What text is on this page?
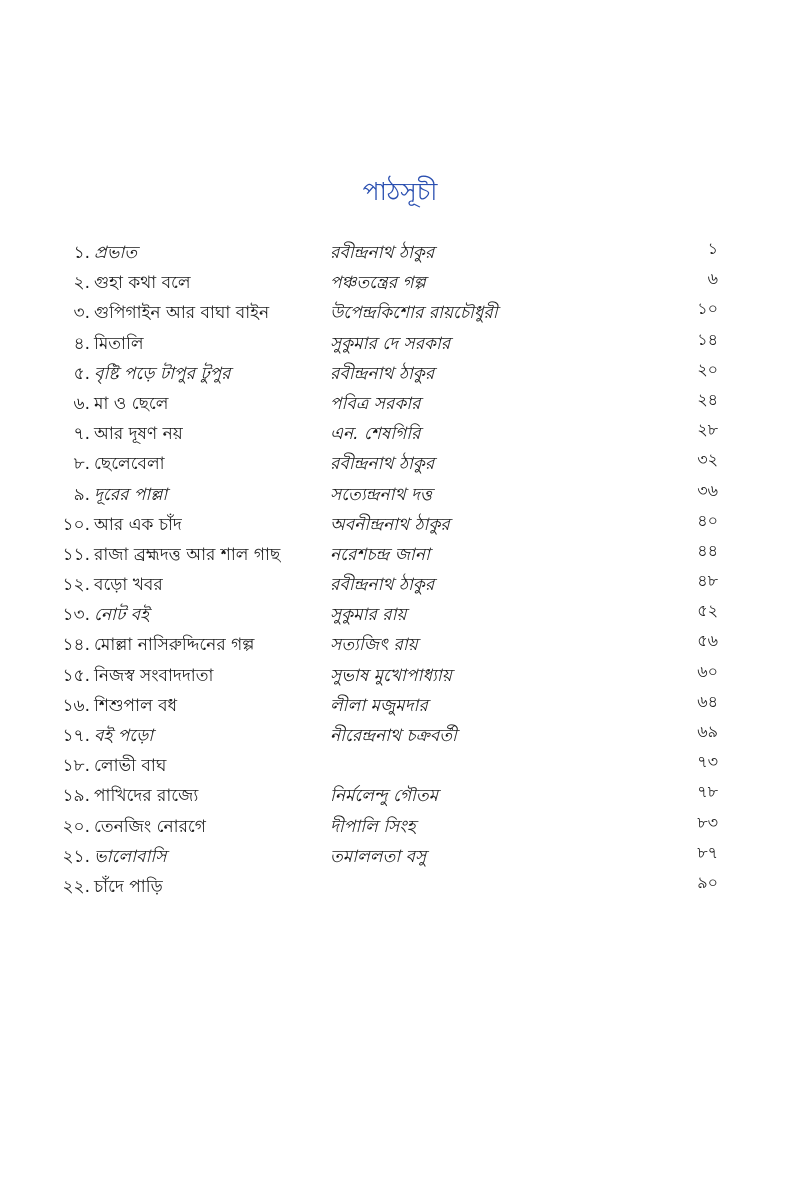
পাঠসূচী
১. প্রভাত	রবীন্দ্রনাথ ঠাকুর	১
২. গুহা কথা বলে	পঞ্চতন্ত্রের গল্প	৬
৩. গুপিগাইন আর বাঘা বাইন	উপেন্দ্রকিশোর রায়চৌধুরী	১০
৪. মিতালি	সুকুমার দে সরকার	১৪
৫. বৃষ্টি পড়ে টাপুর টুপুর	রবীন্দ্রনাথ ঠাকুর	২০
৬. মা ও ছেলে	পবিত্র সরকার	২৪
৭. আর দূষণ নয়	এন. শেষগিরি	২৮
৮. ছেলেবেলা	রবীন্দ্রনাথ ঠাকুর	৩২
৯. দূরের পাল্লা	সত্যেন্দ্রনাথ দত্ত	৩৬
১০. আর এক চাঁদ	অবনীন্দ্রনাথ ঠাকুর	৪০
১১. রাজা ব্রহ্মদত্ত আর শাল গাছ	নরেশচন্দ্র জানা	৪৪
১২. বড়ো খবর	রবীন্দ্রনাথ ঠাকুর	৪৮
১৩. নোট বই	সুকুমার রায়	৫২
১৪. মোল্লা নাসিরুদ্দিনের গল্প	সত্যজিৎ রায়	৫৬
১৫. নিজস্ব সংবাদদাতা	সুভাষ মুখোপাধ্যায়	৬০
১৬. শিশুপাল বধ	লীলা মজুমদার	৬৪
১৭. বই পড়ো	নীরেন্দ্রনাথ চক্রবর্তী	৬৯
১৮. লোভী বাঘ	৭৩
১৯. পাখিদের রাজ্যে	নির্মলেন্দু গৌতম	৭৮
২০. তেনজিং নোরগে	দীপালি সিংহ	৮৩
২১. ভালোবাসি	তমাললতা বসু	৮৭
২২. চাঁদে পাড়ি	৯০
